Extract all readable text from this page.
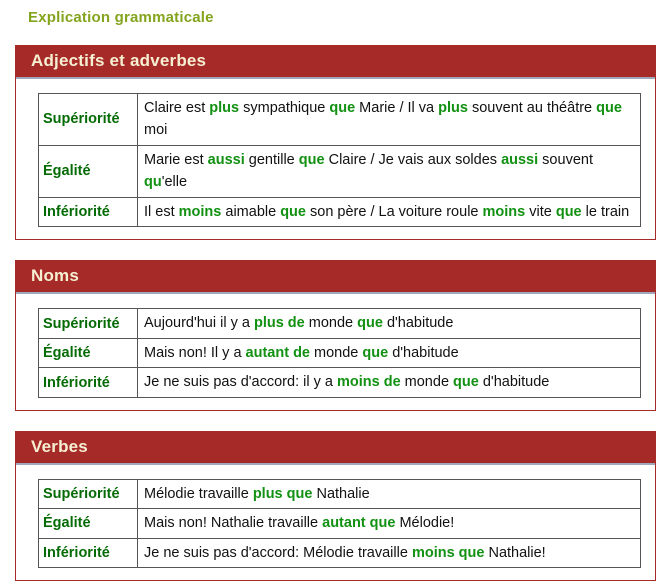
Explication grammaticale
Adjectifs et adverbes
Supériorité	Claire est plus sympathique que Marie / Il va plus souvent au théâtre que moi
Égalité	Marie est aussi gentille que Claire / Je vais aux soldes aussi souvent qu'elle
Infériorité	Il est moins aimable que son père / La voiture roule moins vite que le train
Noms
Supériorité	Aujourd'hui il y a plus de monde que d'habitude
Égalité	Mais non! Il y a autant de monde que d'habitude
Infériorité	Je ne suis pas d'accord: il y a moins de monde que d'habitude
Verbes
Supériorité	Mélodie travaille plus que Nathalie
Égalité	Mais non! Nathalie travaille autant que Mélodie!
Infériorité	Je ne suis pas d'accord: Mélodie travaille moins que Nathalie!
